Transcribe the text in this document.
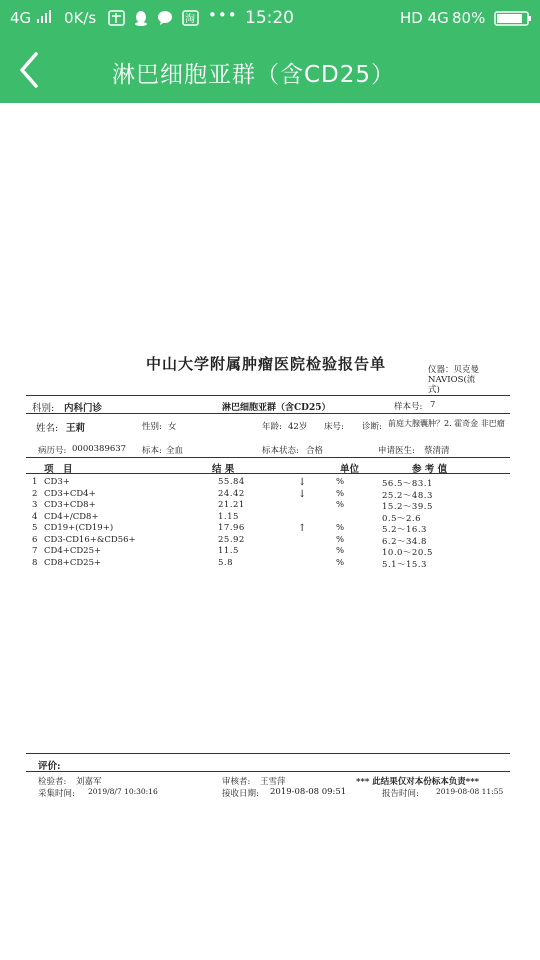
4G 0K/s	淘 ••• 15:20	HD 4G 80%
淋巴细胞亚群（含CD25）
中山大学附属肿瘤医院检验报告单	仪器：贝克曼 NAVIOS(流 式)
科别: 内科门诊	淋巴细胞亚群（含CD25）	样本号: 7
姓名: 王莉	性别: 女	年龄: 42岁 床号: 诊断: 前庭大腺囊肿？2. 霍奇金 非巴瘤
病历号: 0000389637 标本: 全血	标本状态: 合格	申请医生: 蔡清清
项　目	结 果	单位	参 考 值
1 CD3+	55.84	↓	%	56.5～83.1
2 CD3+CD4+	24.42	↓	%	25.2～48.3
3 CD3+CD8+	21.21	%	15.2～39.5
4 CD4+/CD8+	1.15	0.5～2.6
5 CD19+(CD19+)	17.96	↑	%	5.2～16.3
6 CD3-CD16+&CD56+	25.92	%	6.2～34.8
7 CD4+CD25+	11.5	%	10.0～20.5
8 CD8+CD25+	5.8	%	5.1～15.3
评价:
检验者: 刘嘉军	审核者: 王雪萍	*** 此结果仅对本份标本负责***
采集时间: 2019/8/7 10:30:16	接收日期: 2019-08-08 09:51	报告时间: 2019-08-08 11:55
